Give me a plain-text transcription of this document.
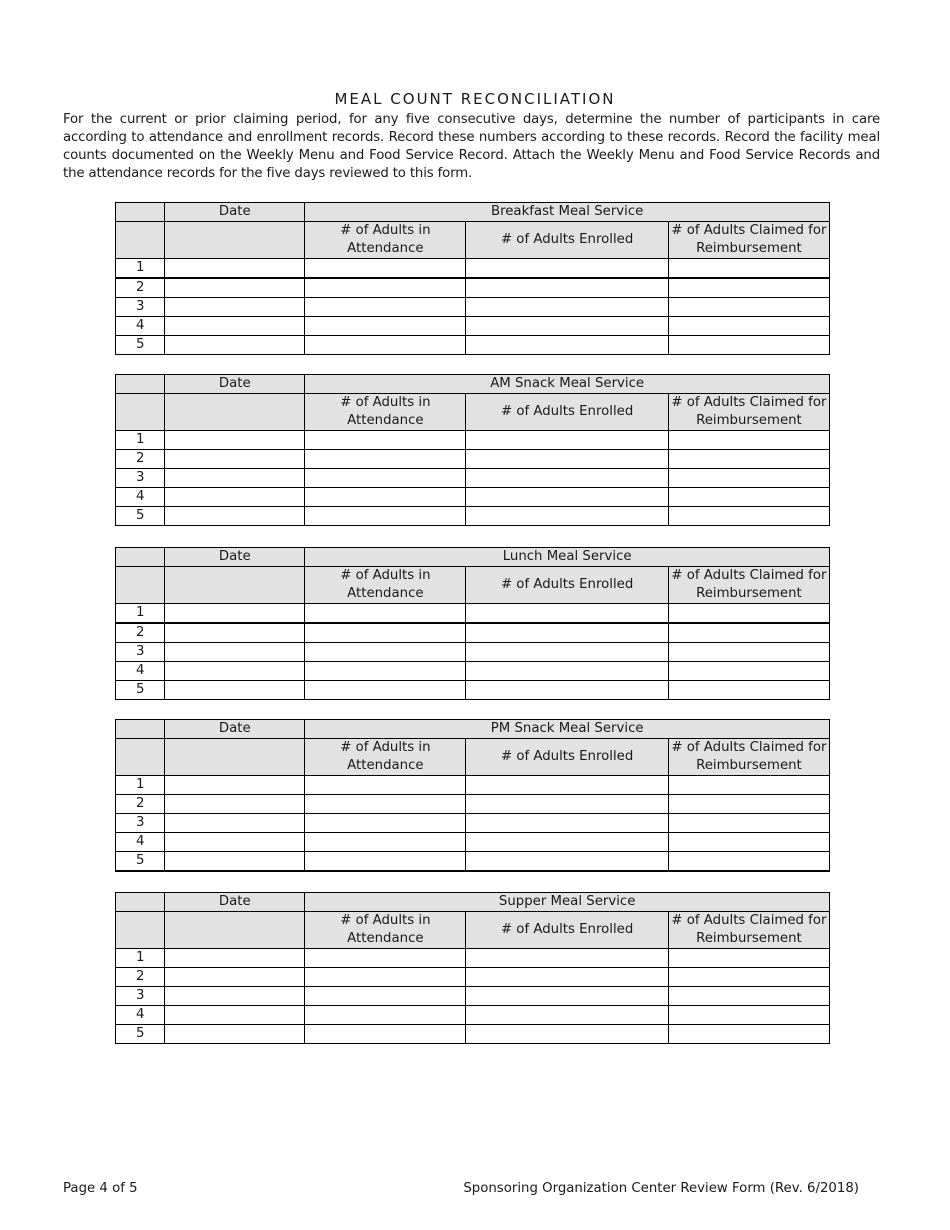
MEAL COUNT RECONCILIATION
For the current or prior claiming period, for any five consecutive days, determine the number of participants in care according to attendance and enrollment records. Record these numbers according to these records. Record the facility meal counts documented on the Weekly Menu and Food Service Record. Attach the Weekly Menu and Food Service Records and the attendance records for the five days reviewed to this form.
	Date	Breakfast Meal Service		
		# of Adults in Attendance	# of Adults Enrolled	# of Adults Claimed for Reimbursement
1				
2				
3				
4				
5				
	Date	AM Snack Meal Service		
		# of Adults in Attendance	# of Adults Enrolled	# of Adults Claimed for Reimbursement
1				
2				
3				
4				
5				
	Date	Lunch Meal Service		
		# of Adults in Attendance	# of Adults Enrolled	# of Adults Claimed for Reimbursement
1				
2				
3				
4				
5				
	Date	PM Snack Meal Service		
		# of Adults in Attendance	# of Adults Enrolled	# of Adults Claimed for Reimbursement
1				
2				
3				
4				
5				
	Date	Supper Meal Service		
		# of Adults in Attendance	# of Adults Enrolled	# of Adults Claimed for Reimbursement
1				
2				
3				
4				
5				
Page 4 of 5	Sponsoring Organization Center Review Form (Rev. 6/2018)
